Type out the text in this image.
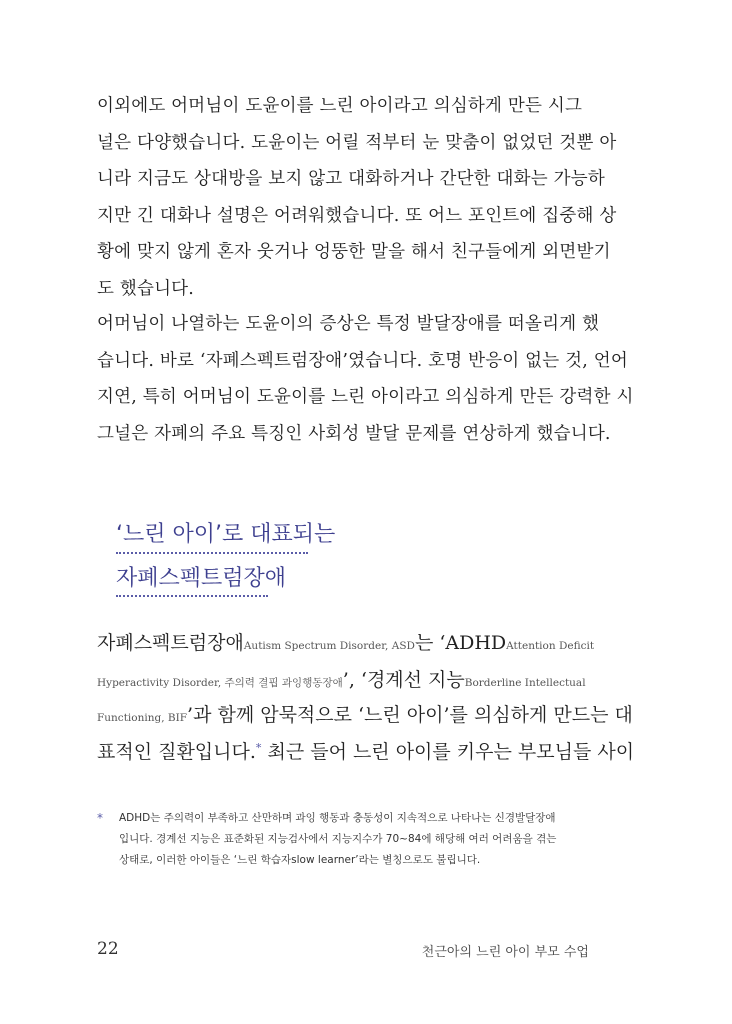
이외에도 어머님이 도윤이를 느린 아이라고 의심하게 만든 시그
널은 다양했습니다. 도윤이는 어릴 적부터 눈 맞춤이 없었던 것뿐 아
니라 지금도 상대방을 보지 않고 대화하거나 간단한 대화는 가능하
지만 긴 대화나 설명은 어려워했습니다. 또 어느 포인트에 집중해 상
황에 맞지 않게 혼자 웃거나 엉뚱한 말을 해서 친구들에게 외면받기
도 했습니다.
어머님이 나열하는 도윤이의 증상은 특정 발달장애를 떠올리게 했
습니다. 바로 ‘자폐스펙트럼장애’였습니다. 호명 반응이 없는 것, 언어
지연, 특히 어머님이 도윤이를 느린 아이라고 의심하게 만든 강력한 시
그널은 자폐의 주요 특징인 사회성 발달 문제를 연상하게 했습니다.
‘느린 아이’로 대표되는
자폐스펙트럼장애

자폐스펙트럼장애Autism Spectrum Disorder, ASD는 ‘ADHDAttention Deficit

Hyperactivity Disorder, 주의력 결핍 과잉행동장애’, ‘경계선 지능Borderline Intellectual

Functioning, BIF’과 함께 암묵적으로 ‘느린 아이’를 의심하게 만드는 대

표적인 질환입니다.* 최근 들어 느린 아이를 키우는 부모님들 사이

* ADHD는 주의력이 부족하고 산만하며 과잉 행동과 충동성이 지속적으로 나타나는 신경발달장애
입니다. 경계선 지능은 표준화된 지능검사에서 지능지수가 70~84에 해당해 여러 어려움을 겪는
상태로, 이러한 아이들은 ‘느린 학습자slow learner’라는 별칭으로도 불립니다.
22	천근아의 느린 아이 부모 수업
